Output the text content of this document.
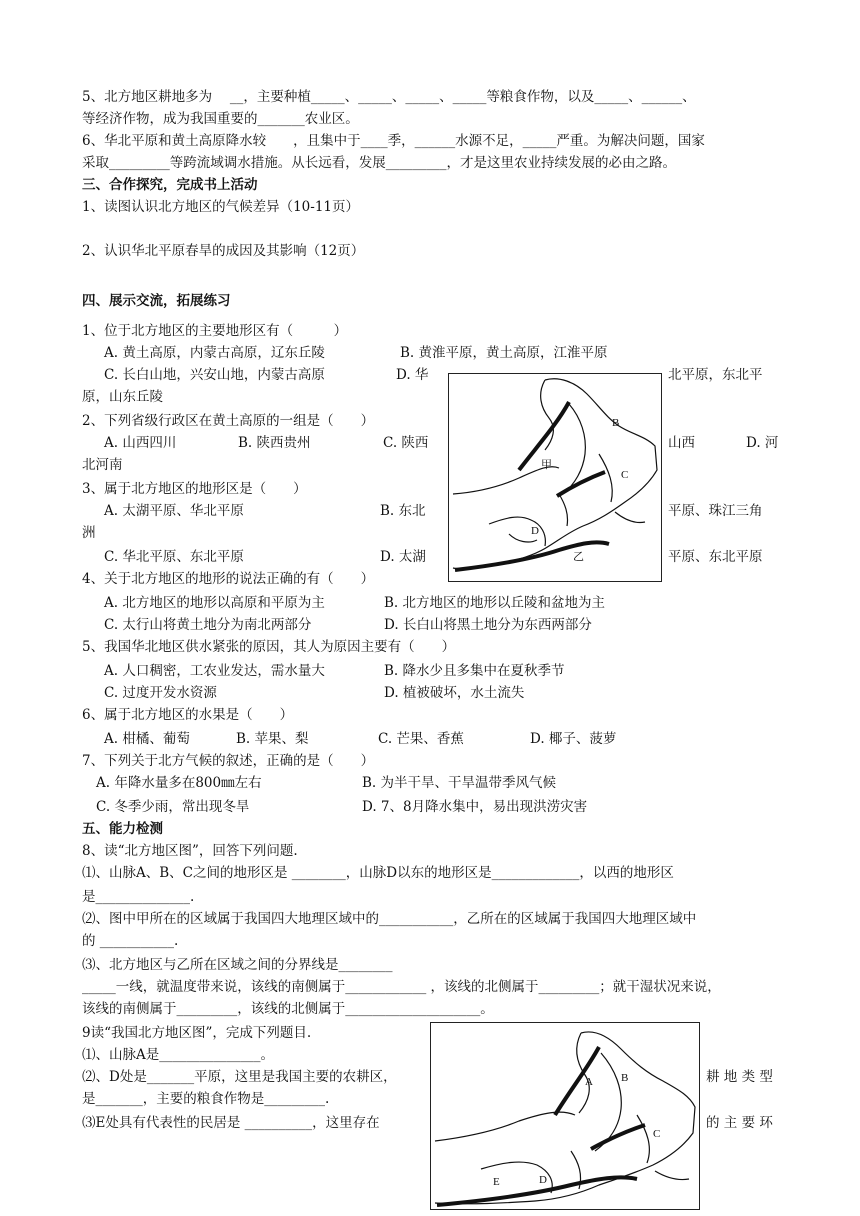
5、北方地区耕地多为　 __，主要种植_____、_____、_____、_____等粮食作物，以及_____、______、
等经济作物，成为我国重要的_______农业区。
6、华北平原和黄土高原降水较　　，且集中于____季，______水源不足，_____严重。为解决问题，国家
采取_________等跨流域调水措施。从长远看，发展_________，才是这里农业持续发展的必由之路。
三、合作探究，完成书上活动
1、读图认识北方地区的气候差异（10-11页）
2、认识华北平原春旱的成因及其影响（12页）
四、展示交流，拓展练习
1、位于北方地区的主要地形区有（　　　）
A. 黄土高原，内蒙古高原，辽东丘陵	B. 黄淮平原，黄土高原，江淮平原
C. 长白山地，兴安山地，内蒙古高原	D. 华	北平原，东北平
原，山东丘陵
2、下列省级行政区在黄土高原的一组是（　　）
A. 山西四川	B. 陕西贵州	C. 陕西	山西	D. 河
北河南
3、属于北方地区的地形区是（　　）
A. 太湖平原、华北平原	B. 东北	平原、珠江三角
洲
C. 华北平原、东北平原	D. 太湖	平原、东北平原
4、关于北方地区的地形的说法正确的有（　　）
A. 北方地区的地形以高原和平原为主	B. 北方地区的地形以丘陵和盆地为主
C. 太行山将黄土地分为南北两部分	D. 长白山将黑土地分为东西两部分
5、我国华北地区供水紧张的原因，其人为原因主要有（　　）
A. 人口稠密，工农业发达，需水量大	B. 降水少且多集中在夏秋季节
C. 过度开发水资源	D. 植被破坏，水土流失
6、属于北方地区的水果是（　　）
A. 柑橘、葡萄	B. 苹果、梨	C. 芒果、香蕉	D. 椰子、菠萝
7、下列关于北方气候的叙述，正确的是（　　）
A. 年降水量多在800㎜左右	B. 为半干旱、干旱温带季风气候
C. 冬季少雨，常出现冬旱	D. 7、8月降水集中，易出现洪涝灾害
五、能力检测
8、读“北方地区图”，回答下列问题.
⑴、山脉A、B、C之间的地形区是 ________，山脉D以东的地形区是_____________，以西的地形区
是______________.
⑵、图中甲所在的区域属于我国四大地理区域中的___________，乙所在的区域属于我国四大地理区域中
的 ___________.
⑶、北方地区与乙所在区域之间的分界线是________
_____一线，就温度带来说，该线的南侧属于____________ ，该线的北侧属于_________；就干湿状况来说，
该线的南侧属于_________，该线的北侧属于____________________。
9读“我国北方地区图”，完成下列题目.
⑴、山脉A是_______________。
⑵、D处是_______平原，这里是我国主要的农耕区，	耕 地 类 型
是_______，主要的粮食作物是_________.
⑶E处具有代表性的民居是 __________，这里存在	的 主 要 环
B
C
D
甲
乙
A	B
C
D
E
